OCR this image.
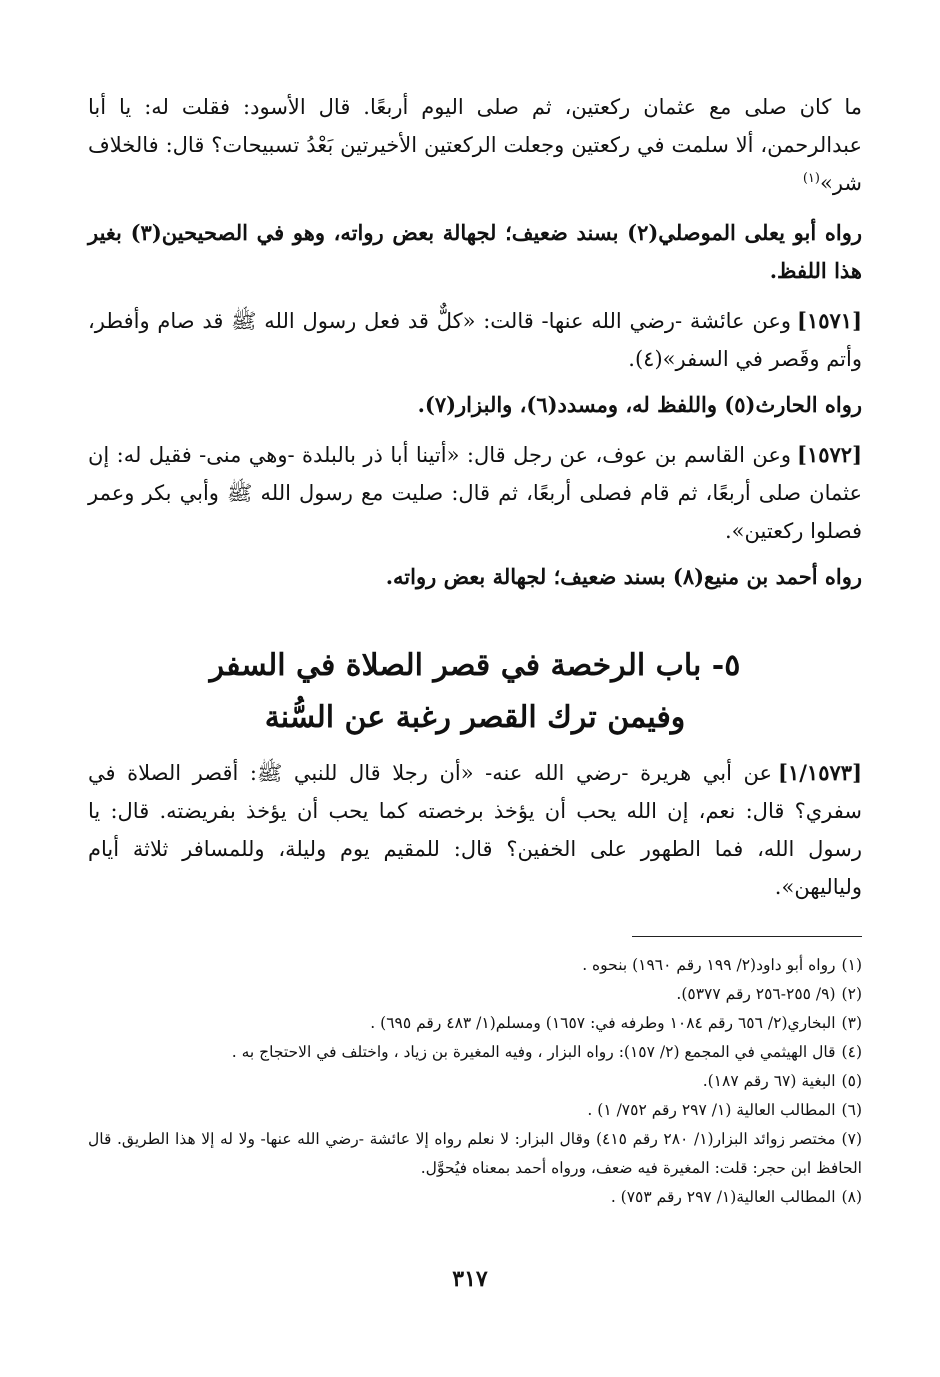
ما كان صلى مع عثمان ركعتين، ثم صلى اليوم أربعًا. قال الأسود: فقلت له: يا أبا عبدالرحمن، ألا سلمت في ركعتين وجعلت الركعتين الأخيرتين بَعْدُ تسبيحات؟ قال: فالخلاف شر»$^{(١)}$

رواه أبو يعلى الموصلي(٢) بسند ضعيف؛ لجهالة بعض رواته، وهو في الصحيحين(٣) بغير هذا اللفظ.

[١٥٧١]وعن عائشة -رضي الله عنها- قالت: «كلٌّ قد فعل رسول الله ﷺ قد صام وأفطر، وأتم وقَصر في السفر»(٤).

رواه الحارث(٥) واللفظ له، ومسدد(٦)، والبزار(٧).

[١٥٧٢]وعن القاسم بن عوف، عن رجل قال: «أتينا أبا ذر بالبلدة -وهي منى- فقيل له: إن عثمان صلى أربعًا، ثم قام فصلى أربعًا، ثم قال: صليت مع رسول الله ﷺ وأبي بكر وعمر فصلوا ركعتين».

رواه أحمد بن منيع(٨) بسند ضعيف؛ لجهالة بعض رواته.

٥- باب الرخصة في قصر الصلاة في السفر
وفيمن ترك القصر رغبة عن السُّنة

[١/١٥٧٣]عن أبي هريرة -رضي الله عنه- «أن رجلا قال للنبي ﷺ: أقصر الصلاة في سفري؟ قال: نعم، إن الله يحب أن يؤخذ برخصته كما يحب أن يؤخذ بفريضته. قال: يا رسول الله، فما الطهور على الخفين؟ قال: للمقيم يوم وليلة، وللمسافر ثلاثة أيام ولياليهن».

(١)رواه أبو داود(٢/ ١٩٩ رقم ١٩٦٠) بنحوه .

(٢)(٩/ ٢٥٥-٢٥٦ رقم ٥٣٧٧).

(٣)البخاري(٢/ ٦٥٦ رقم ١٠٨٤ وطرفه في: ١٦٥٧) ومسلم(١/ ٤٨٣ رقم ٦٩٥) .

(٤)قال الهيثمي في المجمع (٢/ ١٥٧): رواه البزار ، وفيه المغيرة بن زياد ، واختلف في الاحتجاج به .

(٥)البغية (٦٧ رقم ١٨٧).

(٦)المطالب العالية (١/ ٢٩٧ رقم ٧٥٢/ ١) .

(٧)مختصر زوائد البزار(١/ ٢٨٠ رقم ٤١٥) وقال البزار: لا نعلم رواه إلا عائشة -رضي الله عنها- ولا له إلا هذا الطريق. قال الحافظ ابن حجر: قلت: المغيرة فيه ضعف، ورواه أحمد بمعناه فيُحوَّل.

(٨)المطالب العالية(١/ ٢٩٧ رقم ٧٥٣) .

٣١٧
